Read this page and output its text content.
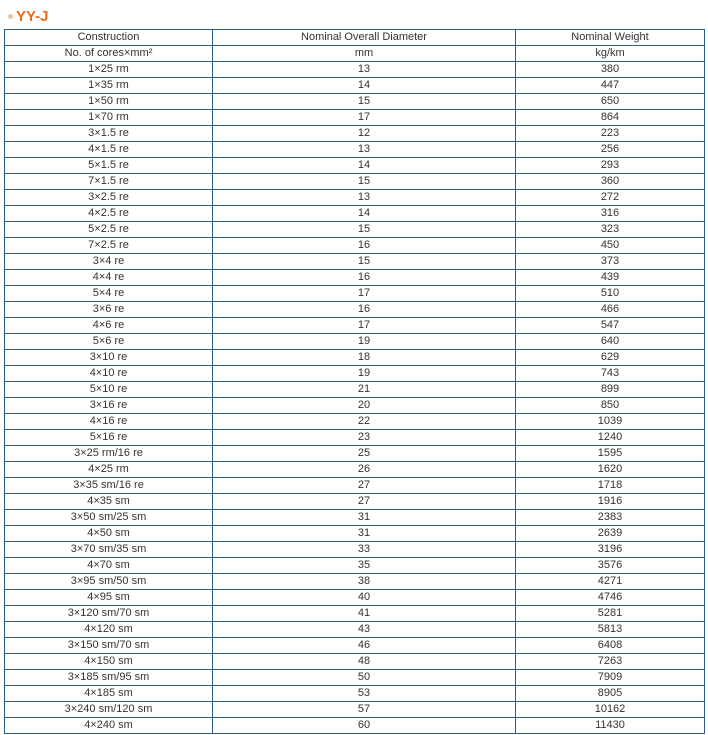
YY-J
Construction	Nominal Overall Diameter	Nominal Weight
No. of cores×mm²	mm	kg/km
1×25 rm	13	380
1×35 rm	14	447
1×50 rm	15	650
1×70 rm	17	864
3×1.5 re	12	223
4×1.5 re	13	256
5×1.5 re	14	293
7×1.5 re	15	360
3×2.5 re	13	272
4×2.5 re	14	316
5×2.5 re	15	323
7×2.5 re	16	450
3×4 re	15	373
4×4 re	16	439
5×4 re	17	510
3×6 re	16	466
4×6 re	17	547
5×6 re	19	640
3×10 re	18	629
4×10 re	19	743
5×10 re	21	899
3×16 re	20	850
4×16 re	22	1039
5×16 re	23	1240
3×25 rm/16 re	25	1595
4×25 rm	26	1620
3×35 sm/16 re	27	1718
4×35 sm	27	1916
3×50 sm/25 sm	31	2383
4×50 sm	31	2639
3×70 sm/35 sm	33	3196
4×70 sm	35	3576
3×95 sm/50 sm	38	4271
4×95 sm	40	4746
3×120 sm/70 sm	41	5281
4×120 sm	43	5813
3×150 sm/70 sm	46	6408
4×150 sm	48	7263
3×185 sm/95 sm	50	7909
4×185 sm	53	8905
3×240 sm/120 sm	57	10162
4×240 sm	60	11430
